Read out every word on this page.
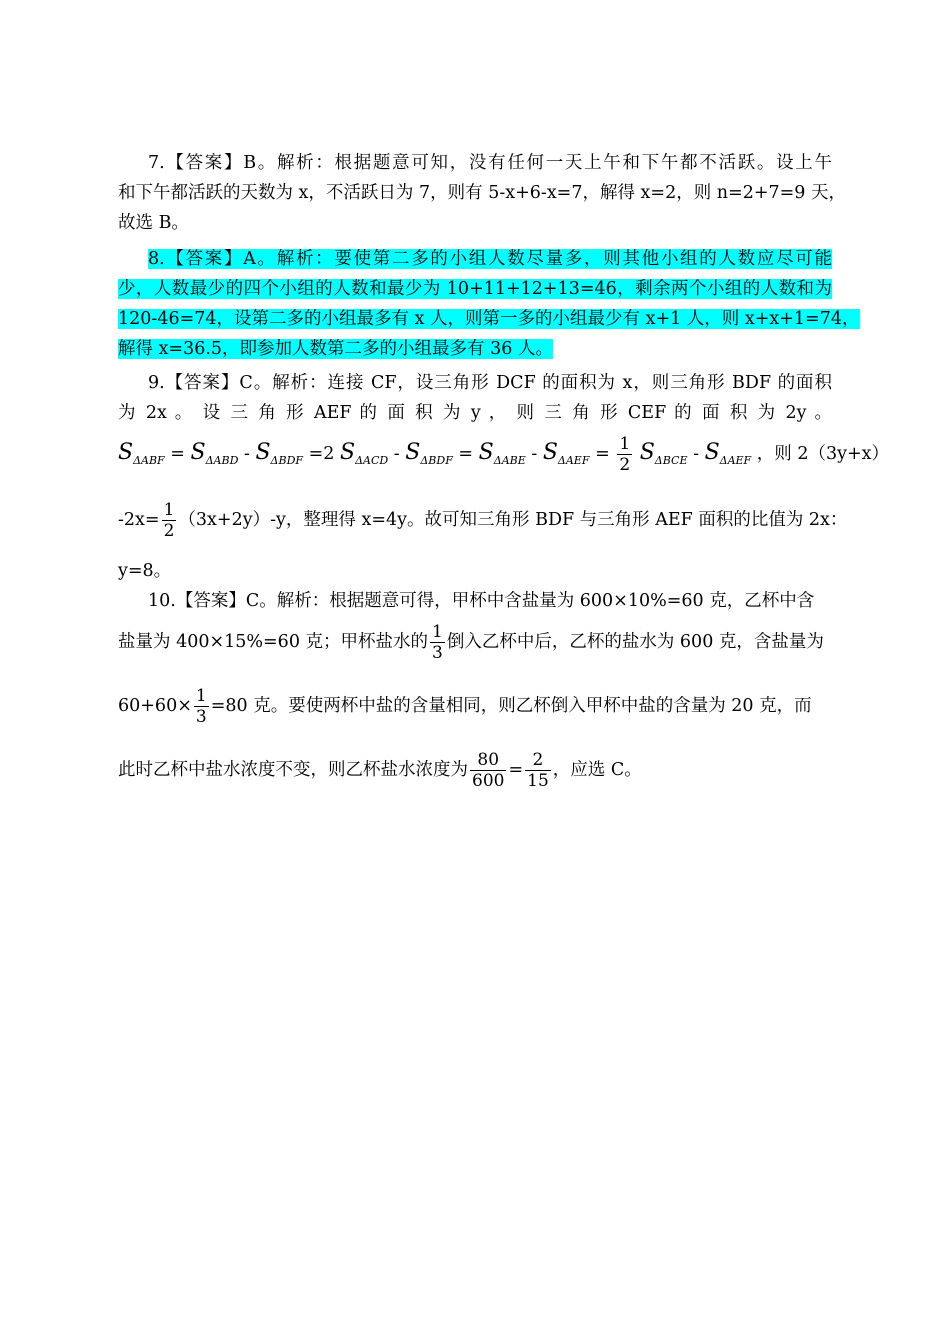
7.【答案】B。解析：根据题意可知，没有任何一天上午和下午都不活跃。设上午
和下午都活跃的天数为 x，不活跃日为 7，则有 5-x+6-x=7，解得 x=2，则 n=2+7=9 天，
故选 B。
8.【答案】A。解析：要使第二多的小组人数尽量多，则其他小组的人数应尽可能
少，人数最少的四个小组的人数和最少为 10+11+12+13=46，剩余两个小组的人数和为
120-46=74，设第二多的小组最多有 x 人，则第一多的小组最少有 x+1 人，则 x+x+1=74，
解得 x=36.5，即参加人数第二多的小组最多有 36 人。
9.【答案】C。解析：连接 CF，设三角形 DCF 的面积为 x，则三角形 BDF 的面积
为 2x 。 设 三 角 形 AEF 的 面 积 为 y ， 则 三 角 形 CEF 的 面 积 为 2y 。
$S_{\Delta ABF} = S_{\Delta ABD} - S_{\Delta BDF} =2$ $S_{\Delta ACD} - S_{\Delta BDF} = S_{\Delta ABE} - S_{\Delta AEF} = \frac{1}{2} S_{\Delta BCE} - S_{\Delta AEF}$ ，则 2（3y+x）
$-2x= \frac{1}{2} (3x+2y)-y$，整理得 x=4y。故可知三角形 BDF 与三角形 AEF 面积的比值为 2x：
y=8。
10.【答案】C。解析：根据题意可得，甲杯中含盐量为 600×10%=60 克，乙杯中含
盐量为 400×15%=60 克；甲杯盐水的 $\frac{1}{3}$ 倒入乙杯中后，乙杯的盐水为 600 克，含盐量为
$60+60\times \frac{1}{3} =80$ 克。要使两杯中盐的含量相同，则乙杯倒入甲杯中盐的含量为 20 克，而
此时乙杯中盐水浓度不变，则乙杯盐水浓度为 $\frac{80}{600} = \frac{2}{15}$ ，应选 C。
